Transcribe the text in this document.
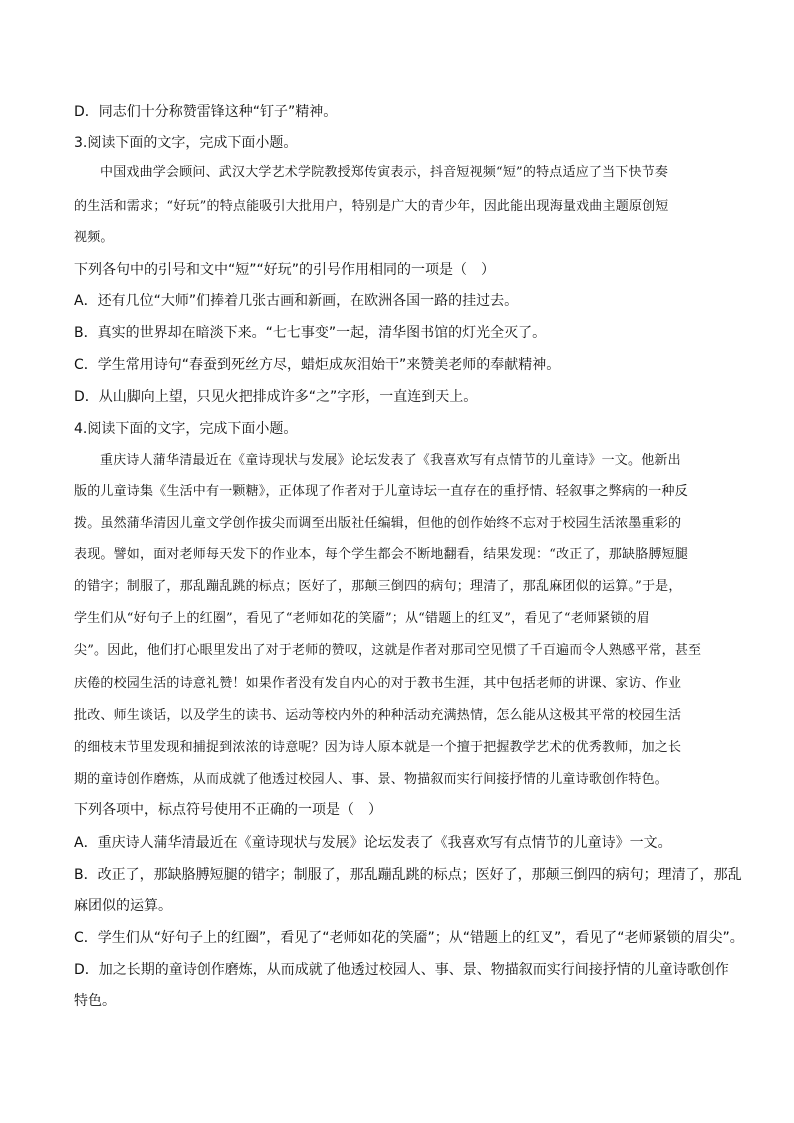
D．同志们十分称赞雷锋这种“钉子”精神。
3.阅读下面的文字，完成下面小题。
中国戏曲学会顾问、武汉大学艺术学院教授郑传寅表示，抖音短视频“短”的特点适应了当下快节奏
的生活和需求；“好玩”的特点能吸引大批用户，特别是广大的青少年，因此能出现海量戏曲主题原创短
视频。
下列各句中的引号和文中“短”“好玩”的引号作用相同的一项是（　）
A．还有几位“大师”们捧着几张古画和新画，在欧洲各国一路的挂过去。
B．真实的世界却在暗淡下来。“七七事变”一起，清华图书馆的灯光全灭了。
C．学生常用诗句“春蚕到死丝方尽，蜡炬成灰泪始干”来赞美老师的奉献精神。
D．从山脚向上望，只见火把排成许多“之”字形，一直连到天上。
4.阅读下面的文字，完成下面小题。
重庆诗人蒲华清最近在《童诗现状与发展》论坛发表了《我喜欢写有点情节的儿童诗》一文。他新出
版的儿童诗集《生活中有一颗糖》，正体现了作者对于儿童诗坛一直存在的重抒情、轻叙事之弊病的一种反
拨。虽然蒲华清因儿童文学创作拔尖而调至出版社任编辑，但他的创作始终不忘对于校园生活浓墨重彩的
表现。譬如，面对老师每天发下的作业本，每个学生都会不断地翻看，结果发现：“改正了，那缺胳膊短腿
的错字；制服了，那乱蹦乱跳的标点；医好了，那颠三倒四的病句；理清了，那乱麻团似的运算。”于是，
学生们从“好句子上的红圈”，看见了“老师如花的笑靥”；从“错题上的红叉”，看见了“老师紧锁的眉
尖”。因此，他们打心眼里发出了对于老师的赞叹，这就是作者对那司空见惯了千百遍而令人熟感平常，甚至
庆倦的校园生活的诗意礼赞！如果作者没有发自内心的对于教书生涯，其中包括老师的讲课、家访、作业
批改、师生谈话，以及学生的读书、运动等校内外的种种活动充满热情，怎么能从这极其平常的校园生活
的细枝末节里发现和捕捉到浓浓的诗意呢？因为诗人原本就是一个擅于把握教学艺术的优秀教师，加之长
期的童诗创作磨炼，从而成就了他透过校园人、事、景、物描叙而实行间接抒情的儿童诗歌创作特色。
下列各项中，标点符号使用不正确的一项是（　）
A．重庆诗人蒲华清最近在《童诗现状与发展》论坛发表了《我喜欢写有点情节的儿童诗》一文。
B．改正了，那缺胳膊短腿的错字；制服了，那乱蹦乱跳的标点；医好了，那颠三倒四的病句；理清了，那乱
麻团似的运算。
C．学生们从“好句子上的红圈”，看见了“老师如花的笑靥”；从“错题上的红叉”，看见了“老师紧锁的眉尖”。
D．加之长期的童诗创作磨炼，从而成就了他透过校园人、事、景、物描叙而实行间接抒情的儿童诗歌创作
特色。
